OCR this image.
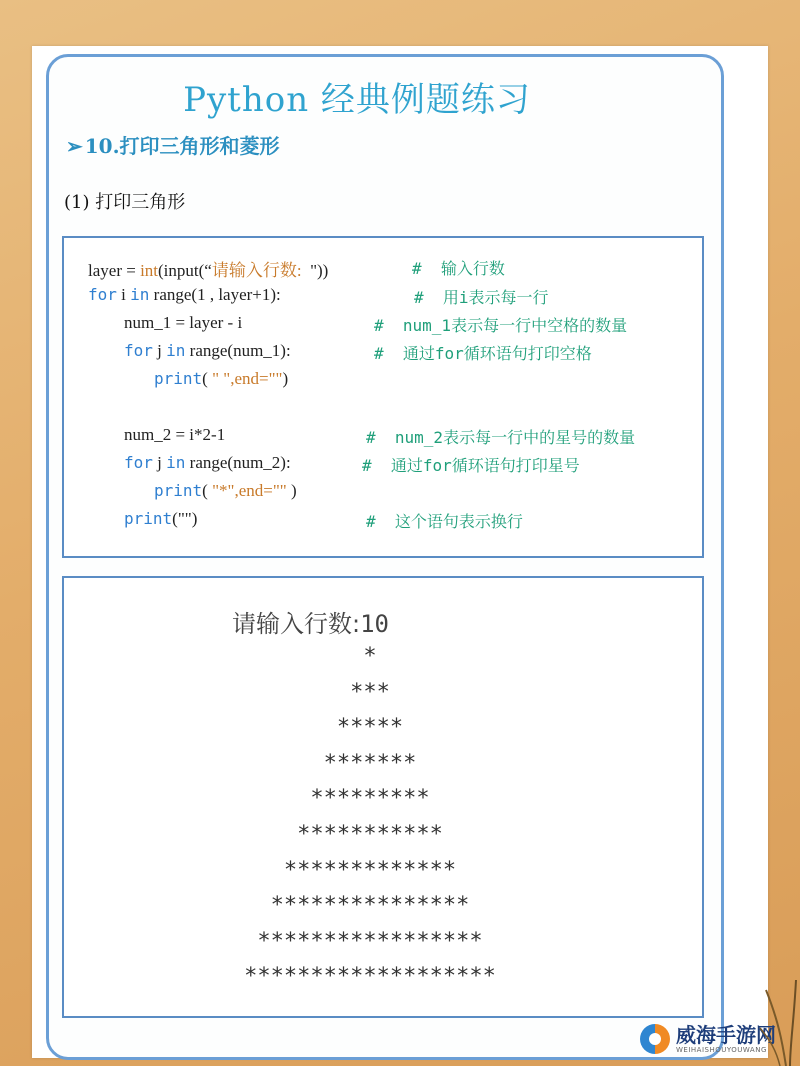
Python 经典例题练习
➢ 10.打印三角形和菱形
(1) 打印三角形
layer = int(input(“请输入行数:  "))	#  输入行数
for i in range(1 , layer+1):	#  用i表示每一行
num_1 = layer - i	#  num_1表示每一行中空格的数量
for j in range(num_1):	#  通过for循环语句打印空格
print( " ",end="")
num_2 = i*2-1	#  num_2表示每一行中的星号的数量
for j in range(num_2):	#  通过for循环语句打印星号
print( "*",end="" )
print("")	#  这个语句表示换行
请输入行数:10
*
***
*****
*******
*********
***********
*************
***************
*****************
*******************
威海手游网
WEIHAISHOUYOUWANG
